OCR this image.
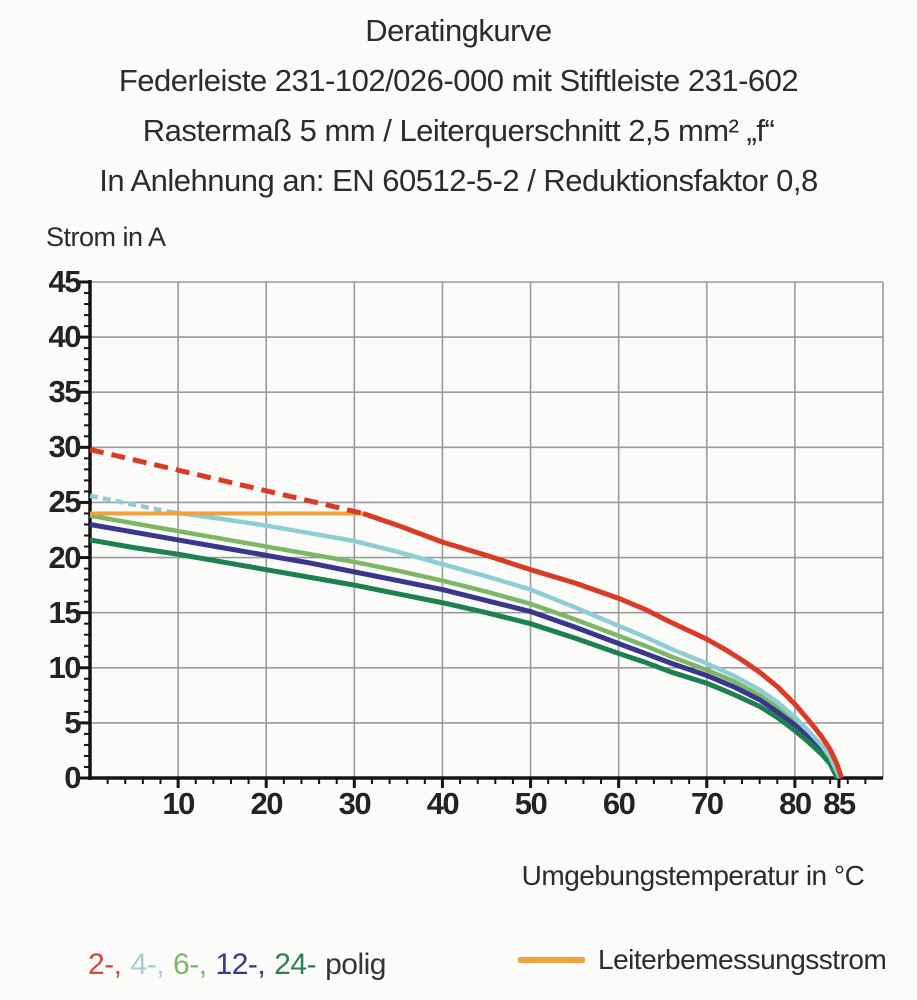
Deratingkurve
Federleiste 231-102/026-000 mit Stiftleiste 231-602
Rastermaß 5 mm / Leiterquerschnitt 2,5 mm² „f“
In Anlehnung an: EN 60512-5-2 / Reduktionsfaktor 0,8
Strom in A
0
5
10
15
20
25
30
35
40
45
10	20	30	40	50	60	70	80 85
Umgebungstemperatur in °C
2-, 4-, 6-, 12-, 24- polig	Leiterbemessungsstrom
